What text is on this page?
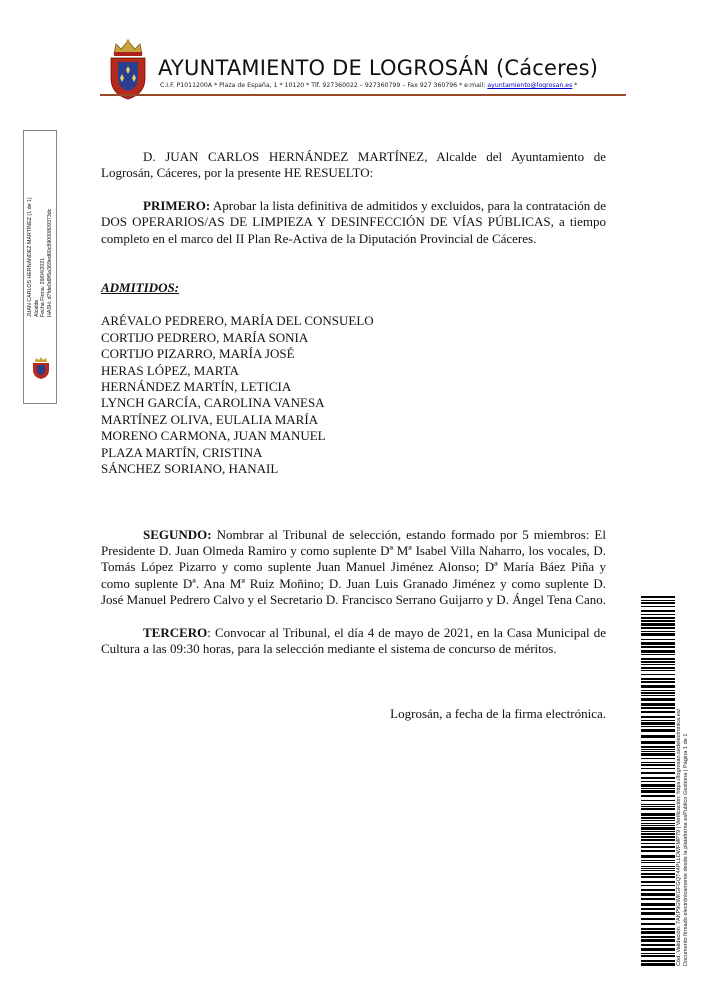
AYUNTAMIENTO DE LOGROSÁN (Cáceres)
C.I.F. P1011200A * Plaza de España, 1 * 10120 * Tlf. 927360022 – 927360799 – Fax 927 360796 * e:mail: ayuntamiento@logrosan.es *
JUAN CARLOS HERNÁNDEZ MARTÍNEZ (1 de 1) Alcalde Fecha Firma: 29/04/2021 HASH: d7fde0d9f5a369ed60c89000809373dc

D. JUAN CARLOS HERNÁNDEZ MARTÍNEZ, Alcalde del Ayuntamiento de Logrosán, Cáceres, por la presente HE RESUELTO:

PRIMERO: Aprobar la lista definitiva de admitidos y excluidos, para la contratación de DOS OPERARIOS/AS DE LIMPIEZA Y DESINFECCIÓN DE VÍAS PÚBLICAS, a tiempo completo en el marco del II Plan Re-Activa de la Diputación Provincial de Cáceres.

ADMITIDOS:

ARÉVALO PEDRERO, MARÍA DEL CONSUELO
CORTIJO PEDRERO, MARÍA SONIA
CORTIJO PIZARRO, MARÍA JOSÉ
HERAS LÓPEZ, MARTA
HERNÁNDEZ MARTÍN, LETICIA
LYNCH GARCÍA, CAROLINA VANESA
MARTÍNEZ OLIVA, EULALIA MARÍA
MORENO CARMONA, JUAN MANUEL
PLAZA MARTÍN, CRISTINA
SÁNCHEZ SORIANO, HANAIL

SEGUNDO: Nombrar al Tribunal de selección, estando formado por 5 miembros: El Presidente D. Juan Olmeda Ramiro y como suplente Dª Mª Isabel Villa Naharro, los vocales, D. Tomás López Pizarro y como suplente Juan Manuel Jiménez Alonso; Dª María Báez Piña y como suplente Dª. Ana Mª Ruiz Moñino; D. Juan Luis Granado Jiménez y como suplente D. José Manuel Pedrero Calvo y el Secretario D. Francisco Serrano Guijarro y D. Ángel Tena Cano.

TERCERO: Convocar al Tribunal, el día 4 de mayo de 2021, en la Casa Municipal de Cultura a las 09:30 horas, para la selección mediante el sistema de concurso de méritos.

Logrosán, a fecha de la firma electrónica.	Cód. Validación: 7AKP9GWKGFGQT44PLLDWFMP79 | Verificación: https://logrosan.sedelectronica.es/ Documento firmado electrónicamente desde la plataforma esPublico Gestiona | Página 1 de 1
